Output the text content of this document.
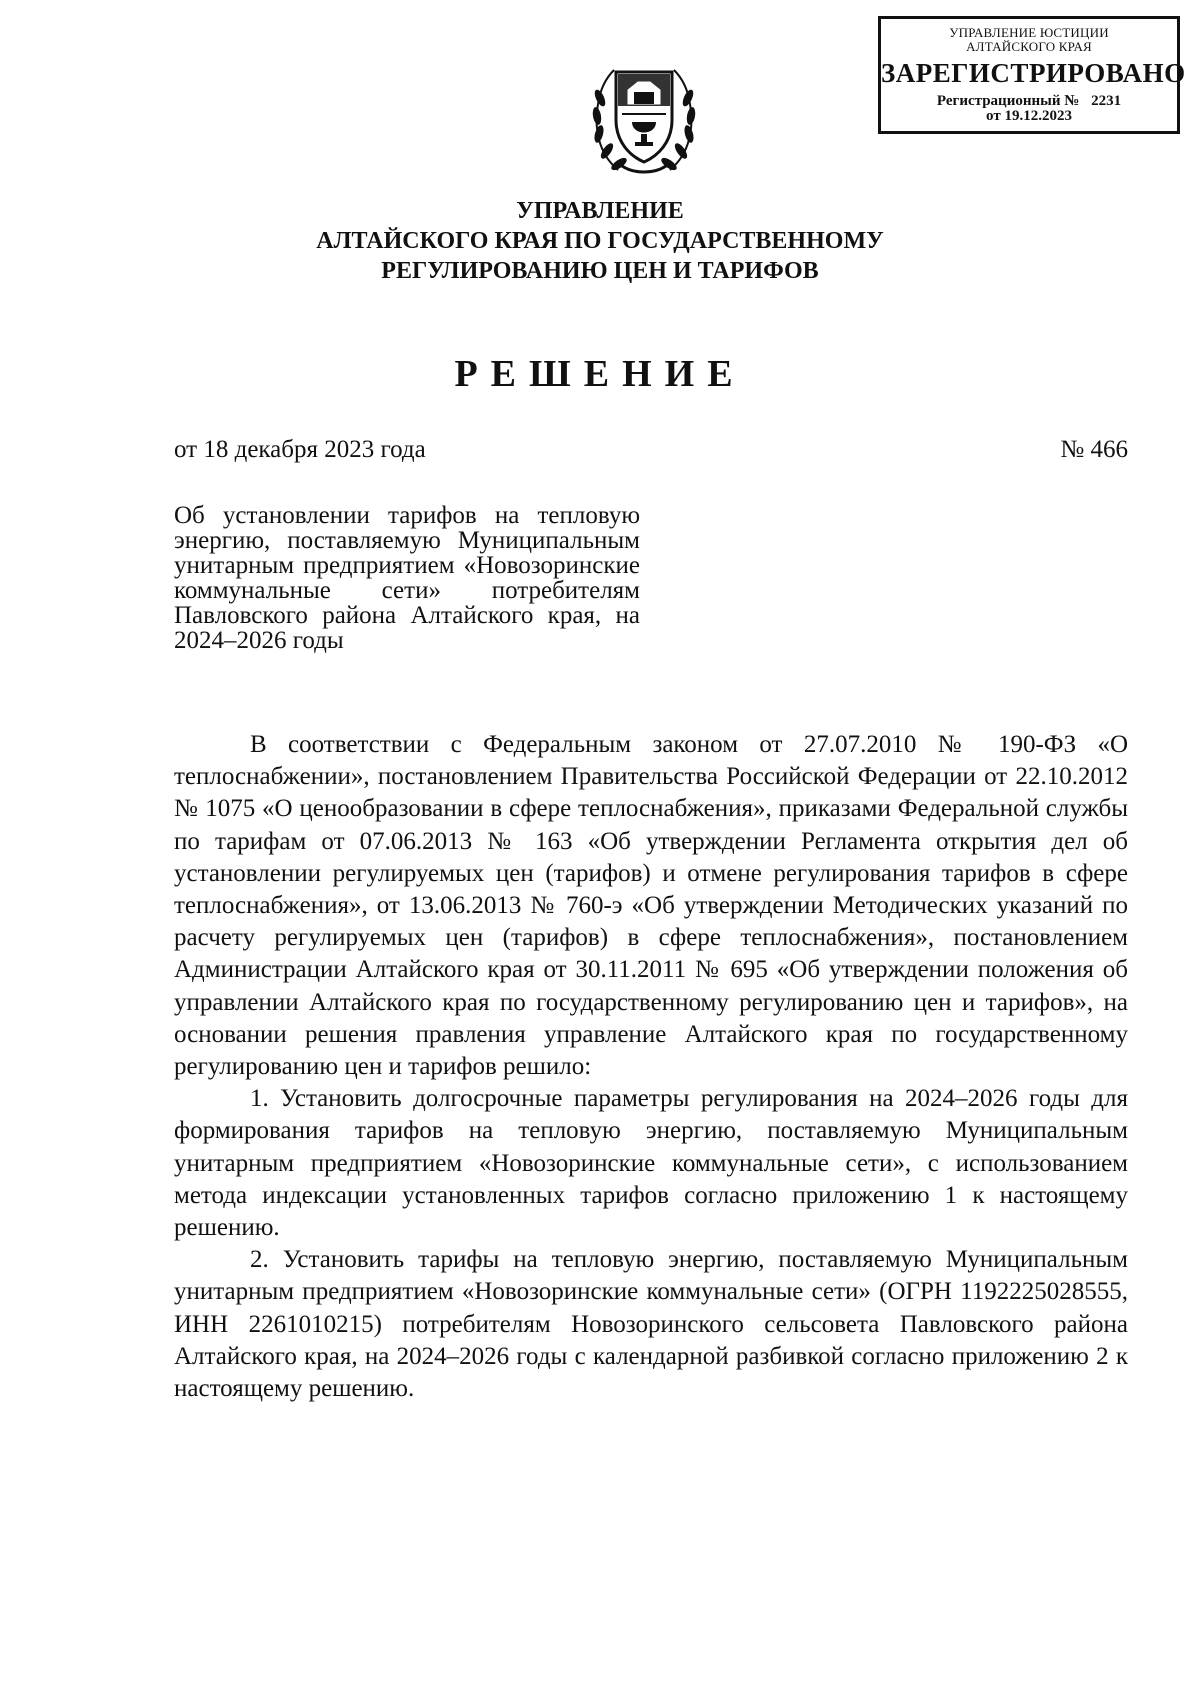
УПРАВЛЕНИЕ ЮСТИЦИИ
АЛТАЙСКОГО КРАЯ
ЗАРЕГИСТРИРОВАНО
Регистрационный № 2231
от 19.12.2023
УПРАВЛЕНИЕ
АЛТАЙСКОГО КРАЯ ПО ГОСУДАРСТВЕННОМУ
РЕГУЛИРОВАНИЮ ЦЕН И ТАРИФОВ
РЕШЕНИЕ
от 18 декабря 2023 года	№ 466
Об установлении тарифов на тепловую энергию, поставляемую Муниципальным унитарным предприятием «Новозоринские коммунальные сети» потребителям Павловского района Алтайского края, на 2024–2026 годы

В соответствии с Федеральным законом от 27.07.2010 № 190-ФЗ «О теплоснабжении», постановлением Правительства Российской Федерации от 22.10.2012 № 1075 «О ценообразовании в сфере теплоснабжения», приказами Федеральной службы по тарифам от 07.06.2013 № 163 «Об утверждении Регламента открытия дел об установлении регулируемых цен (тарифов) и отмене регулирования тарифов в сфере теплоснабжения», от 13.06.2013 № 760-э «Об утверждении Методических указаний по расчету регулируемых цен (тарифов) в сфере теплоснабжения», постановлением Администрации Алтайского края от 30.11.2011 № 695 «Об утверждении положения об управлении Алтайского края по государственному регулированию цен и тарифов», на основании решения правления управление Алтайского края по государственному регулированию цен и тарифов решило:

1. Установить долгосрочные параметры регулирования на 2024–2026 годы для формирования тарифов на тепловую энергию, поставляемую Муниципальным унитарным предприятием «Новозоринские коммунальные сети», с использованием метода индексации установленных тарифов согласно приложению 1 к настоящему решению.

2. Установить тарифы на тепловую энергию, поставляемую Муниципальным унитарным предприятием «Новозоринские коммунальные сети» (ОГРН 1192225028555, ИНН 2261010215) потребителям Новозоринского сельсовета Павловского района Алтайского края, на 2024–2026 годы с календарной разбивкой согласно приложению 2 к настоящему решению.
